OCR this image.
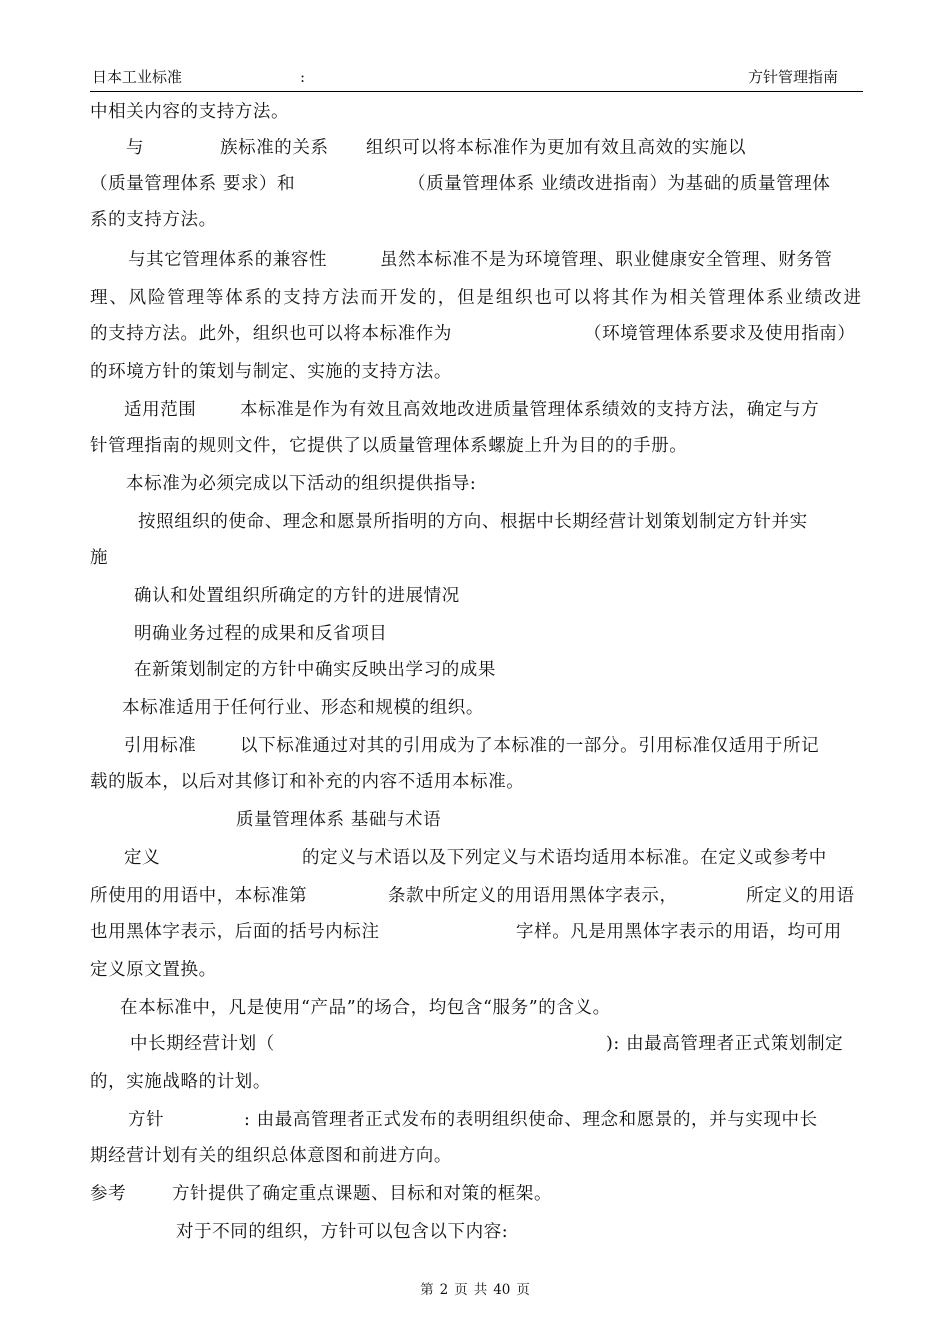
日本工业标准	:	方针管理指南
中相关内容的支持方法。
与	族标准的关系 组织可以将本标准作为更加有效且高效的实施以
（质量管理体系 要求）和	（质量管理体系 业绩改进指南）为基础的质量管理体
系的支持方法。
与其它管理体系的兼容性	虽然本标准不是为环境管理、职业健康安全管理、财务管
理、风险管理等体系的支持方法而开发的，但是组织也可以将其作为相关管理体系业绩改进
的支持方法。此外，组织也可以将本标准作为	（环境管理体系要求及使用指南）
的环境方针的策划与制定、实施的支持方法。
适用范围 本标准是作为有效且高效地改进质量管理体系绩效的支持方法，确定与方
针管理指南的规则文件，它提供了以质量管理体系螺旋上升为目的的手册。
本标准为必须完成以下活动的组织提供指导:
按照组织的使命、理念和愿景所指明的方向、根据中长期经营计划策划制定方针并实
施
确认和处置组织所确定的方针的进展情况
明确业务过程的成果和反省项目
在新策划制定的方针中确实反映出学习的成果
本标准适用于任何行业、形态和规模的组织。
引用标准 以下标准通过对其的引用成为了本标准的一部分。引用标准仅适用于所记
载的版本，以后对其修订和补充的内容不适用本标准。
质量管理体系 基础与术语
定义	的定义与术语以及下列定义与术语均适用本标准。在定义或参考中
所使用的用语中，本标准第	条款中所定义的用语用黑体字表示，	所定义的用语
也用黑体字表示，后面的括号内标注	字样。凡是用黑体字表示的用语，均可用
定义原文置换。
在本标准中，凡是使用“产品”的场合，均包含“服务”的含义。
中长期经营计划（	): 由最高管理者正式策划制定
的，实施战略的计划。
方针	: 由最高管理者正式发布的表明组织使命、理念和愿景的，并与实现中长
期经营计划有关的组织总体意图和前进方向。
参考	方针提供了确定重点课题、目标和对策的框架。
对于不同的组织，方针可以包含以下内容:
第 2 页 共 40 页
